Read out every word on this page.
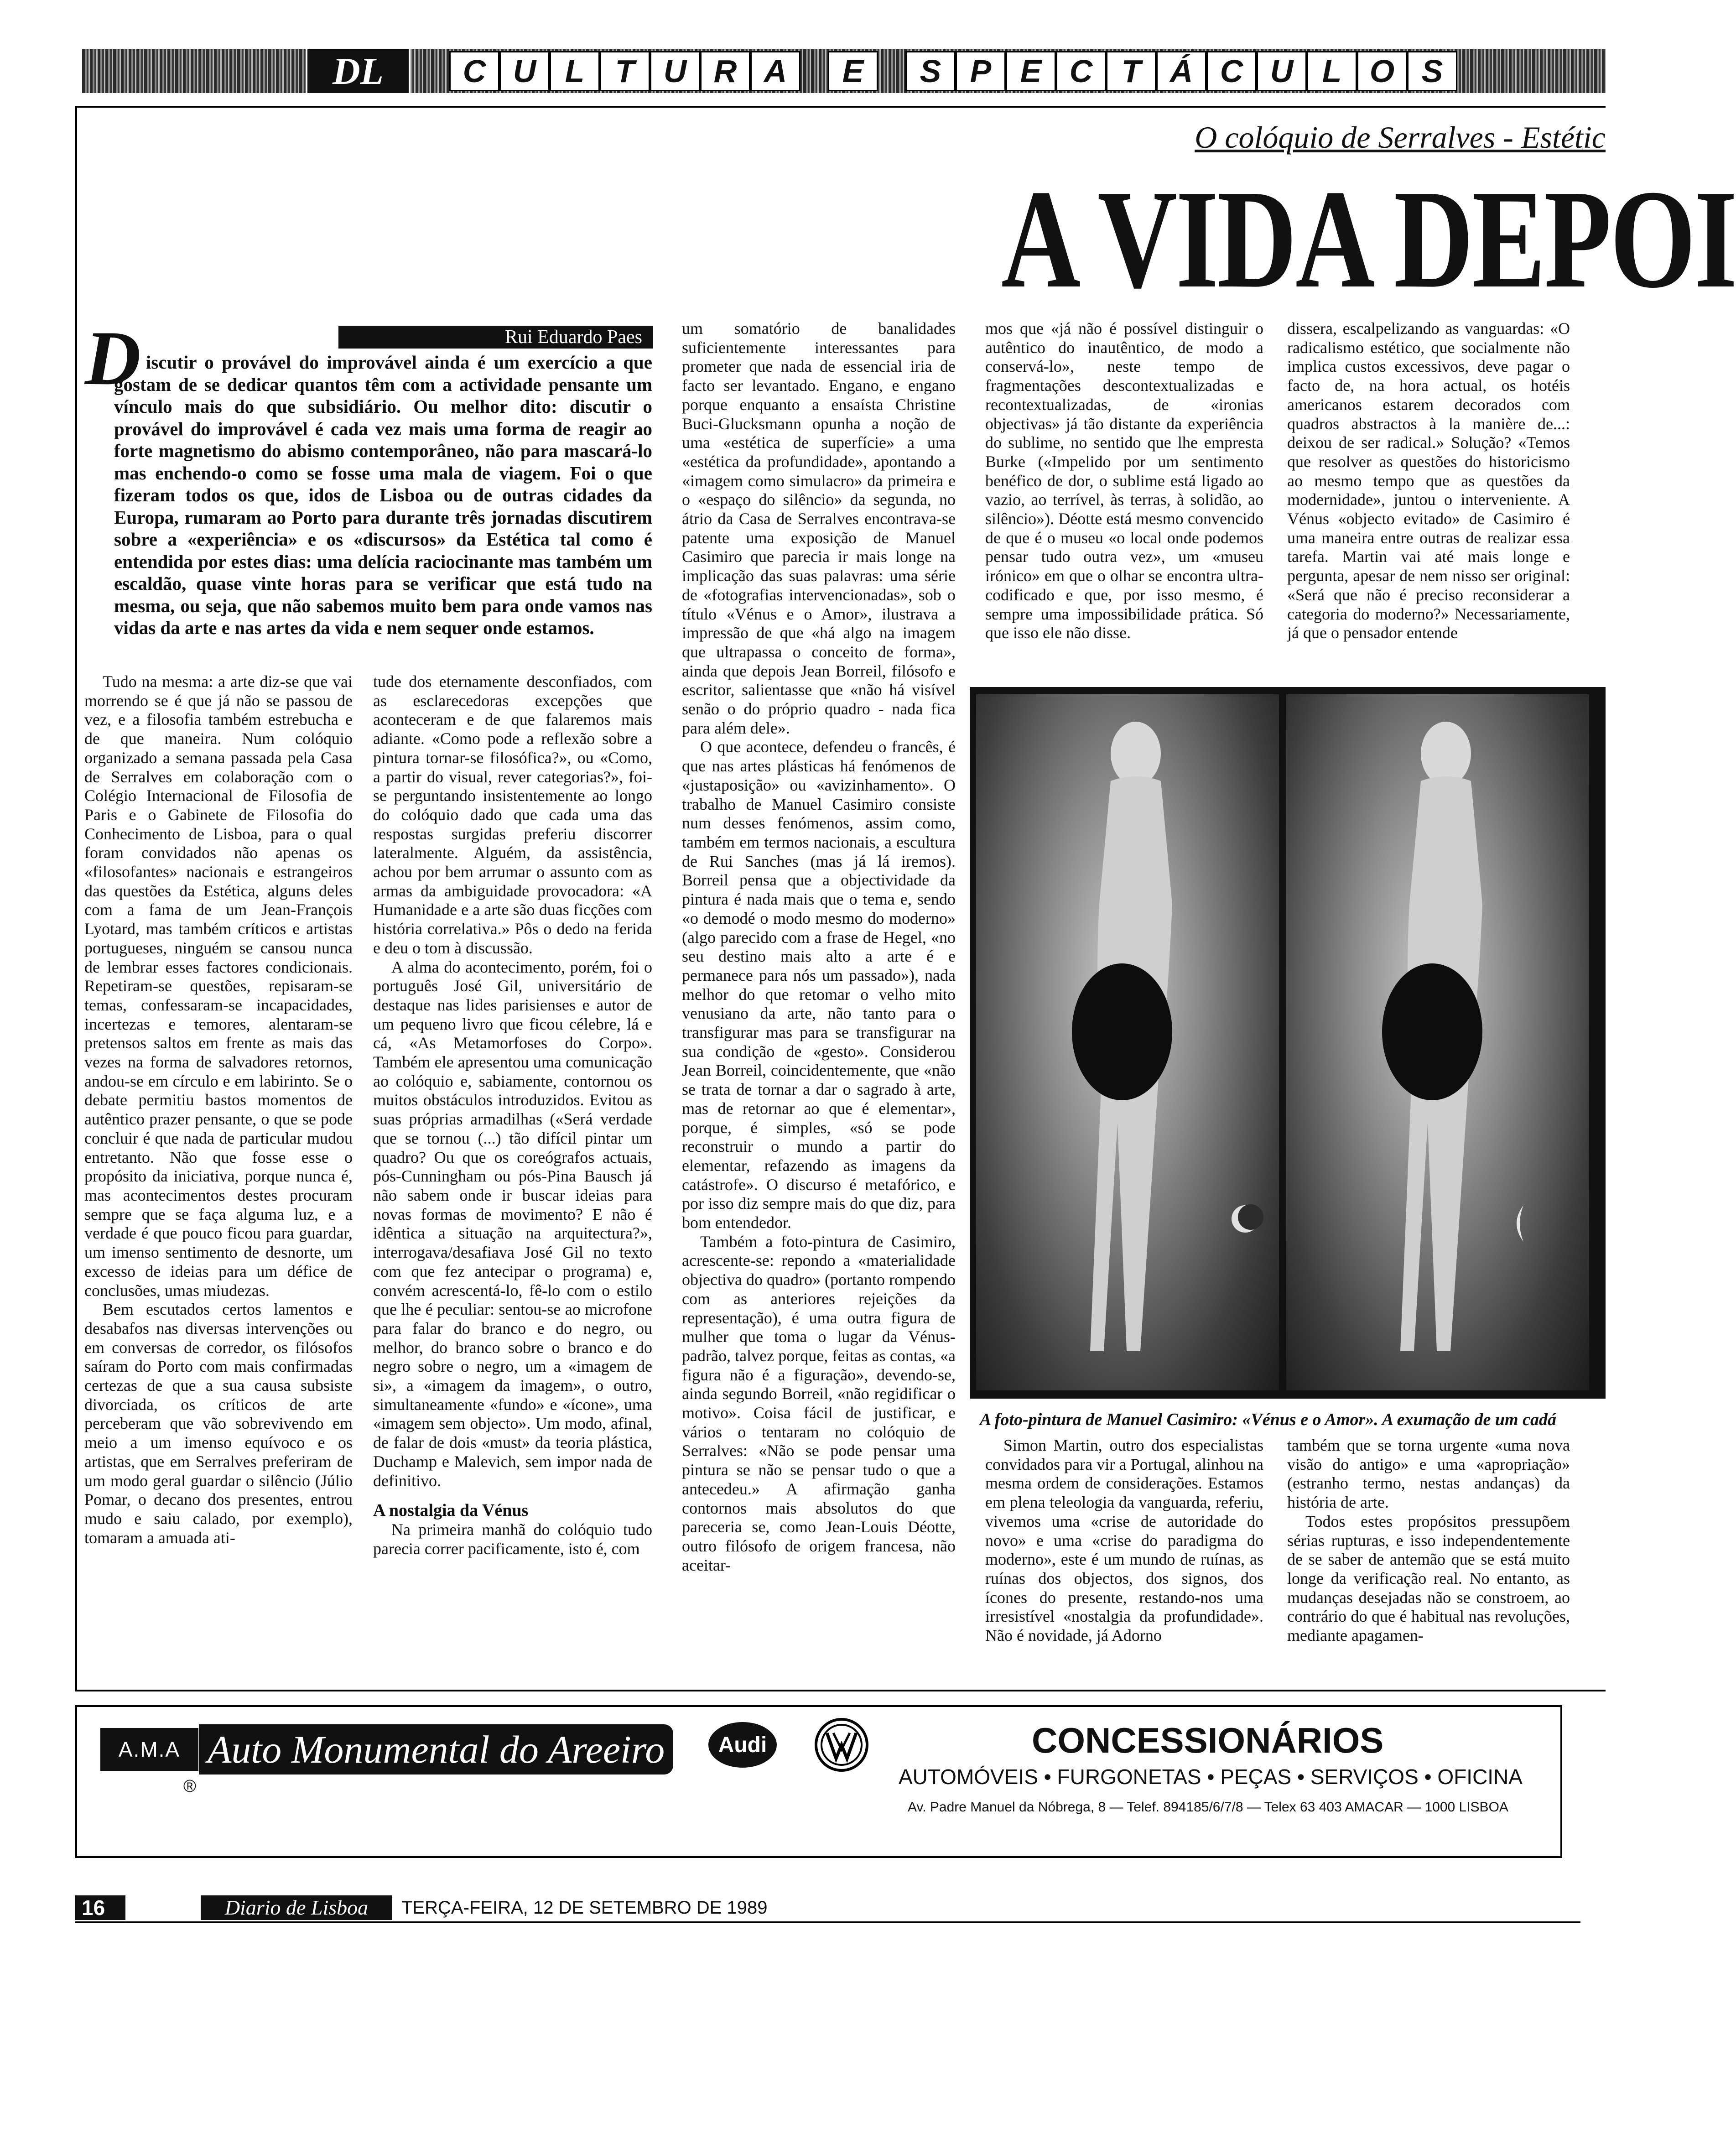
DL	C U L T U R A	E	S P E C T Á C U L O S
O colóquio de Serralves - Estétic
A VIDA DEPOI
Rui Eduardo Paes
D iscutir o provável do improvável ainda é um exercício a que gostam de se dedicar quantos têm com a actividade pensante um vínculo mais do que subsidiário. Ou melhor dito: discutir o provável do improvável é cada vez mais uma forma de reagir ao forte magnetismo do abismo contemporâneo, não para mascará-lo mas enchendo-o como se fosse uma mala de viagem. Foi o que fizeram todos os que, idos de Lisboa ou de outras cidades da Europa, rumaram ao Porto para durante três jornadas discutirem sobre a «experiência» e os «discursos» da Estética tal como é entendida por estes dias: uma delícia raciocinante mas também um escaldão, quase vinte horas para se verificar que está tudo na mesma, ou seja, que não sabemos muito bem para onde vamos nas vidas da arte e nas artes da vida e nem sequer onde estamos.

Tudo na mesma: a arte diz-se que vai morrendo se é que já não se passou de vez, e a filosofia também estrebucha e de que maneira. Num colóquio organizado a semana passada pela Casa de Serralves em colaboração com o Colégio Internacional de Filosofia de Paris e o Gabinete de Filosofia do Conhecimento de Lisboa, para o qual foram convidados não apenas os «filosofantes» nacionais e estrangeiros das questões da Estética, alguns deles com a fama de um Jean-François Lyotard, mas também críticos e artistas portugueses, ninguém se cansou nunca de lembrar esses factores condicionais. Repetiram-se questões, repisaram-se temas, confessaram-se incapacidades, incertezas e temores, alentaram-se pretensos saltos em frente as mais das vezes na forma de salvadores retornos, andou-se em círculo e em labirinto. Se o debate permitiu bastos momentos de autêntico prazer pensante, o que se pode concluir é que nada de particular mudou entretanto. Não que fosse esse o propósito da iniciativa, porque nunca é, mas acontecimentos destes procuram sempre que se faça alguma luz, e a verdade é que pouco ficou para guardar, um imenso sentimento de desnorte, um excesso de ideias para um défice de conclusões, umas miudezas.

Bem escutados certos lamentos e desabafos nas diversas intervenções ou em conversas de corredor, os filósofos saíram do Porto com mais confirmadas certezas de que a sua causa subsiste divorciada, os críticos de arte perceberam que vão sobrevivendo em meio a um imenso equívoco e os artistas, que em Serralves preferiram de um modo geral guardar o silêncio (Júlio Pomar, o decano dos presentes, entrou mudo e saiu calado, por exemplo), tomaram a amuada ati-

tude dos eternamente desconfiados, com as esclarecedoras excepções que aconteceram e de que falaremos mais adiante. «Como pode a reflexão sobre a pintura tornar-se filosófica?», ou «Como, a partir do visual, rever categorias?», foi-se perguntando insistentemente ao longo do colóquio dado que cada uma das respostas surgidas preferiu discorrer lateralmente. Alguém, da assistência, achou por bem arrumar o assunto com as armas da ambiguidade provocadora: «A Humanidade e a arte são duas ficções com história correlativa.» Pôs o dedo na ferida e deu o tom à discussão.

A alma do acontecimento, porém, foi o português José Gil, universitário de destaque nas lides parisienses e autor de um pequeno livro que ficou célebre, lá e cá, «As Metamorfoses do Corpo». Também ele apresentou uma comunicação ao colóquio e, sabiamente, contornou os muitos obstáculos introduzidos. Evitou as suas próprias armadilhas («Será verdade que se tornou (...) tão difícil pintar um quadro? Ou que os coreógrafos actuais, pós-Cunningham ou pós-Pina Bausch já não sabem onde ir buscar ideias para novas formas de movimento? E não é idêntica a situação na arquitectura?», interrogava/desafiava José Gil no texto com que fez antecipar o programa) e, convém acrescentá-lo, fê-lo com o estilo que lhe é peculiar: sentou-se ao microfone para falar do branco e do negro, ou melhor, do branco sobre o branco e do negro sobre o negro, um a «imagem de si», a «imagem da imagem», o outro, simultaneamente «fundo» e «ícone», uma «imagem sem objecto». Um modo, afinal, de falar de dois «must» da teoria plástica, Duchamp e Malevich, sem impor nada de definitivo.

A nostalgia da Vénus

Na primeira manhã do colóquio tudo parecia correr pacificamente, isto é, com

um somatório de banalidades suficientemente interessantes para prometer que nada de essencial iria de facto ser levantado. Engano, e engano porque enquanto a ensaísta Christine Buci-Glucksmann opunha a noção de uma «estética de superfície» a uma «estética da profundidade», apontando a «imagem como simulacro» da primeira e o «espaço do silêncio» da segunda, no átrio da Casa de Serralves encontrava-se patente uma exposição de Manuel Casimiro que parecia ir mais longe na implicação das suas palavras: uma série de «fotografias intervencionadas», sob o título «Vénus e o Amor», ilustrava a impressão de que «há algo na imagem que ultrapassa o conceito de forma», ainda que depois Jean Borreil, filósofo e escritor, salientasse que «não há visível senão o do próprio quadro - nada fica para além dele».

O que acontece, defendeu o francês, é que nas artes plásticas há fenómenos de «justaposição» ou «avizinhamento». O trabalho de Manuel Casimiro consiste num desses fenómenos, assim como, também em termos nacionais, a escultura de Rui Sanches (mas já lá iremos). Borreil pensa que a objectividade da pintura é nada mais que o tema e, sendo «o demodé o modo mesmo do moderno» (algo parecido com a frase de Hegel, «no seu destino mais alto a arte é e permanece para nós um passado»), nada melhor do que retomar o velho mito venusiano da arte, não tanto para o transfigurar mas para se transfigurar na sua condição de «gesto». Considerou Jean Borreil, coincidentemente, que «não se trata de tornar a dar o sagrado à arte, mas de retornar ao que é elementar», porque, é simples, «só se pode reconstruir o mundo a partir do elementar, refazendo as imagens da catástrofe». O discurso é metafórico, e por isso diz sempre mais do que diz, para bom entendedor.

Também a foto-pintura de Casimiro, acrescente-se: repondo a «materialidade objectiva do quadro» (portanto rompendo com as anteriores rejeições da representação), é uma outra figura de mulher que toma o lugar da Vénus-padrão, talvez porque, feitas as contas, «a figura não é a figuração», devendo-se, ainda segundo Borreil, «não regidificar o motivo». Coisa fácil de justificar, e vários o tentaram no colóquio de Serralves: «Não se pode pensar uma pintura se não se pensar tudo o que a antecedeu.» A afirmação ganha contornos mais absolutos do que pareceria se, como Jean-Louis Déotte, outro filósofo de origem francesa, não aceitar-

mos que «já não é possível distinguir o autêntico do inautêntico, de modo a conservá-lo», neste tempo de fragmentações descontextualizadas e recontextualizadas, de «ironias objectivas» já tão distante da experiência do sublime, no sentido que lhe empresta Burke («Impelido por um sentimento benéfico de dor, o sublime está ligado ao vazio, ao terrível, às terras, à solidão, ao silêncio»). Déotte está mesmo convencido de que é o museu «o local onde podemos pensar tudo outra vez», um «museu irónico» em que o olhar se encontra ultra-codificado e que, por isso mesmo, é sempre uma impossibilidade prática. Só que isso ele não disse.

dissera, escalpelizando as vanguardas: «O radicalismo estético, que socialmente não implica custos excessivos, deve pagar o facto de, na hora actual, os hotéis americanos estarem decorados com quadros abstractos à la manière de...: deixou de ser radical.» Solução? «Temos que resolver as questões do historicismo ao mesmo tempo que as questões da modernidade», juntou o interveniente. A Vénus «objecto evitado» de Casimiro é uma maneira entre outras de realizar essa tarefa. Martin vai até mais longe e pergunta, apesar de nem nisso ser original: «Será que não é preciso reconsiderar a categoria do moderno?» Necessariamente, já que o pensador entende

A foto-pintura de Manuel Casimiro: «Vénus e o Amor». A exumação de um cadá

Simon Martin, outro dos especialistas convidados para vir a Portugal, alinhou na mesma ordem de considerações. Estamos em plena teleologia da vanguarda, referiu, vivemos uma «crise de autoridade do novo» e uma «crise do paradigma do moderno», este é um mundo de ruínas, as ruínas dos objectos, dos signos, dos ícones do presente, restando-nos uma irresistível «nostalgia da profundidade». Não é novidade, já Adorno

também que se torna urgente «uma nova visão do antigo» e uma «apropriação» (estranho termo, nestas andanças) da história de arte.

Todos estes propósitos pressupõem sérias rupturas, e isso independentemente de se saber de antemão que se está muito longe da verificação real. No entanto, as mudanças desejadas não se constroem, ao contrário do que é habitual nas revoluções, mediante apagamen-

A.M.A Auto Monumental do Areeiro
®
Audi	CONCESSIONÁRIOS
AUTOMÓVEIS • FURGONETAS • PEÇAS • SERVIÇOS • OFICINA
Av. Padre Manuel da Nóbrega, 8 — Telef. 894185/6/7/8 — Telex 63 403 AMACAR — 1000 LISBOA
16	Diario de Lisboa	TERÇA-FEIRA, 12 DE SETEMBRO DE 1989
